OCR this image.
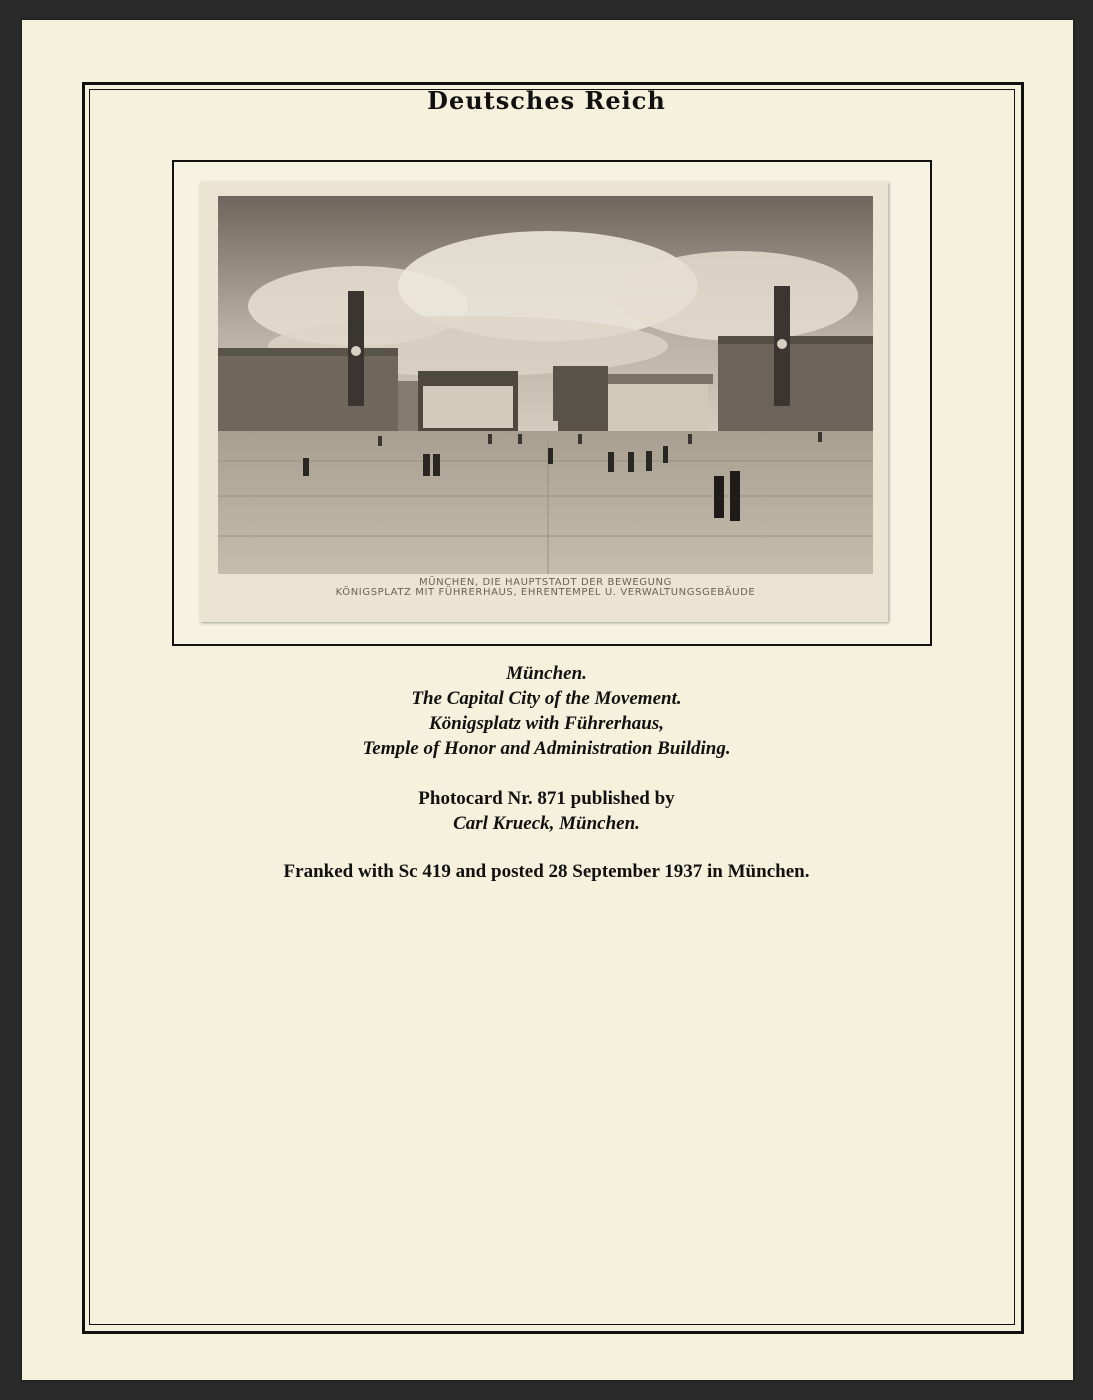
Deutsches Reich
MÜNCHEN, DIE HAUPTSTADT DER BEWEGUNG
KÖNIGSPLATZ MIT FÜHRERHAUS, EHRENTEMPEL U. VERWALTUNGSGEBÄUDE
München.
The Capital City of the Movement.
Königsplatz with Führerhaus,
Temple of Honor and Administration Building.
Photocard Nr. 871 published by
Carl Krueck, München.
Franked with Sc 419 and posted 28 September 1937 in München.
